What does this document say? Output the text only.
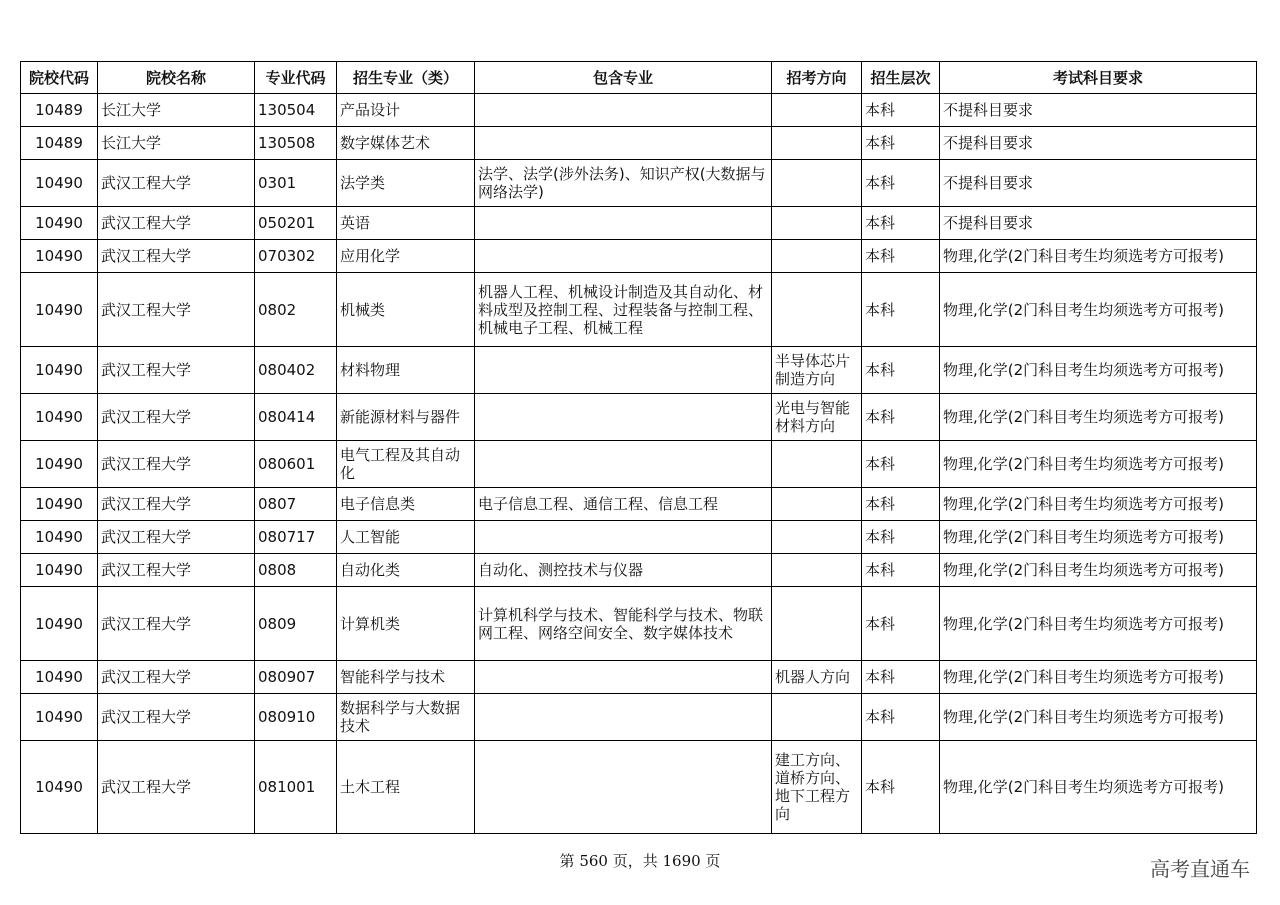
院校代码	院校名称	专业代码	招生专业（类）	包含专业	招考方向	招生层次	考试科目要求
10489	长江大学	130504	产品设计			本科	不提科目要求
10489	长江大学	130508	数字媒体艺术			本科	不提科目要求
10490	武汉工程大学	0301	法学类	法学、法学(涉外法务)、知识产权(大数据与网络法学)		本科	不提科目要求
10490	武汉工程大学	050201	英语			本科	不提科目要求
10490	武汉工程大学	070302	应用化学			本科	物理,化学(2门科目考生均须选考方可报考)
10490	武汉工程大学	0802	机械类	机器人工程、机械设计制造及其自动化、材料成型及控制工程、过程装备与控制工程、机械电子工程、机械工程		本科	物理,化学(2门科目考生均须选考方可报考)
10490	武汉工程大学	080402	材料物理		半导体芯片制造方向	本科	物理,化学(2门科目考生均须选考方可报考)
10490	武汉工程大学	080414	新能源材料与器件		光电与智能材料方向	本科	物理,化学(2门科目考生均须选考方可报考)
10490	武汉工程大学	080601	电气工程及其自动化			本科	物理,化学(2门科目考生均须选考方可报考)
10490	武汉工程大学	0807	电子信息类	电子信息工程、通信工程、信息工程		本科	物理,化学(2门科目考生均须选考方可报考)
10490	武汉工程大学	080717	人工智能			本科	物理,化学(2门科目考生均须选考方可报考)
10490	武汉工程大学	0808	自动化类	自动化、测控技术与仪器		本科	物理,化学(2门科目考生均须选考方可报考)
10490	武汉工程大学	0809	计算机类	计算机科学与技术、智能科学与技术、物联网工程、网络空间安全、数字媒体技术		本科	物理,化学(2门科目考生均须选考方可报考)
10490	武汉工程大学	080907	智能科学与技术		机器人方向	本科	物理,化学(2门科目考生均须选考方可报考)
10490	武汉工程大学	080910	数据科学与大数据技术			本科	物理,化学(2门科目考生均须选考方可报考)
10490	武汉工程大学	081001	土木工程		建工方向、道桥方向、地下工程方向	本科	物理,化学(2门科目考生均须选考方可报考)
第 560 页，共 1690 页	高考直通车
